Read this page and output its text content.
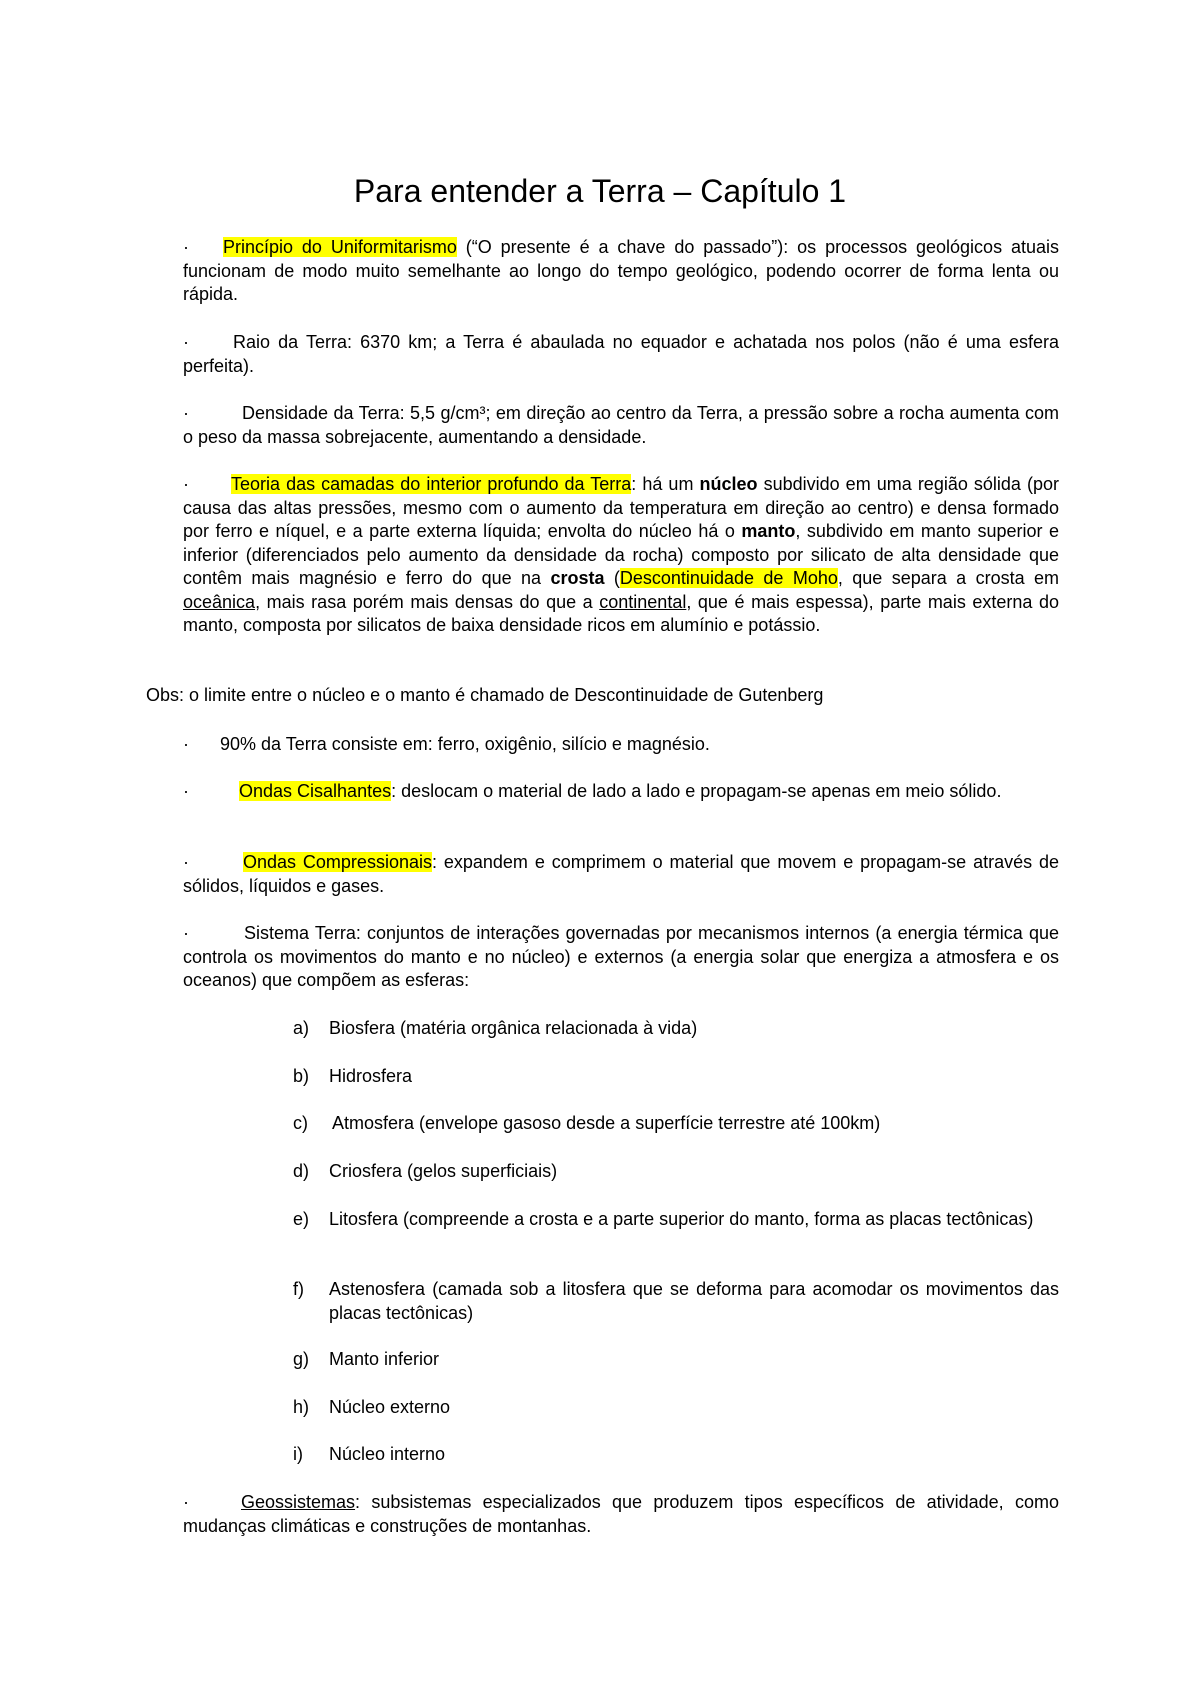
Para entender a Terra – Capítulo 1

· Princípio do Uniformitarismo (“O presente é a chave do passado”): os processos geológicos atuais funcionam de modo muito semelhante ao longo do tempo geológico, podendo ocorrer de forma lenta ou rápida.

· Raio da Terra: 6370 km; a Terra é abaulada no equador e achatada nos polos (não é uma esfera perfeita).

·	Densidade da Terra: 5,5 g/cm³; em direção ao centro da Terra, a pressão sobre a rocha aumenta com o peso da massa sobrejacente, aumentando a densidade.

· Teoria das camadas do interior profundo da Terra: há um núcleo subdivido em uma região sólida (por causa das altas pressões, mesmo com o aumento da temperatura em direção ao centro) e densa formado por ferro e níquel, e a parte externa líquida; envolta do núcleo há o manto, subdivido em manto superior e inferior (diferenciados pelo aumento da densidade da rocha) composto por silicato de alta densidade que contêm mais magnésio e ferro do que na crosta (Descontinuidade de Moho, que separa a crosta em oceânica, mais rasa porém mais densas do que a continental, que é mais espessa), parte mais externa do manto, composta por silicatos de baixa densidade ricos em alumínio e potássio.

Obs: o limite entre o núcleo e o manto é chamado de Descontinuidade de Gutenberg

· 90% da Terra consiste em: ferro, oxigênio, silício e magnésio.

·	Ondas Cisalhantes: deslocam o material de lado a lado e propagam-se apenas em meio sólido.

·	Ondas Compressionais: expandem e comprimem o material que movem e propagam-se através de sólidos, líquidos e gases.

·	Sistema Terra: conjuntos de interações governadas por mecanismos internos (a energia térmica que controla os movimentos do manto e no núcleo) e externos (a energia solar que energiza a atmosfera e os oceanos) que compõem as esferas:

a)	Biosfera (matéria orgânica relacionada à vida)

b)	Hidrosfera

c)	Atmosfera (envelope gasoso desde a superfície terrestre até 100km)

d)	Criosfera (gelos superficiais)

e)	Litosfera (compreende a crosta e a parte superior do manto, forma as placas tectônicas)

f)	Astenosfera (camada sob a litosfera que se deforma para acomodar os movimentos das placas tectônicas)

g)	Manto inferior

h)	Núcleo externo

i)	Núcleo interno

·	Geossistemas: subsistemas especializados que produzem tipos específicos de atividade, como mudanças climáticas e construções de montanhas.
